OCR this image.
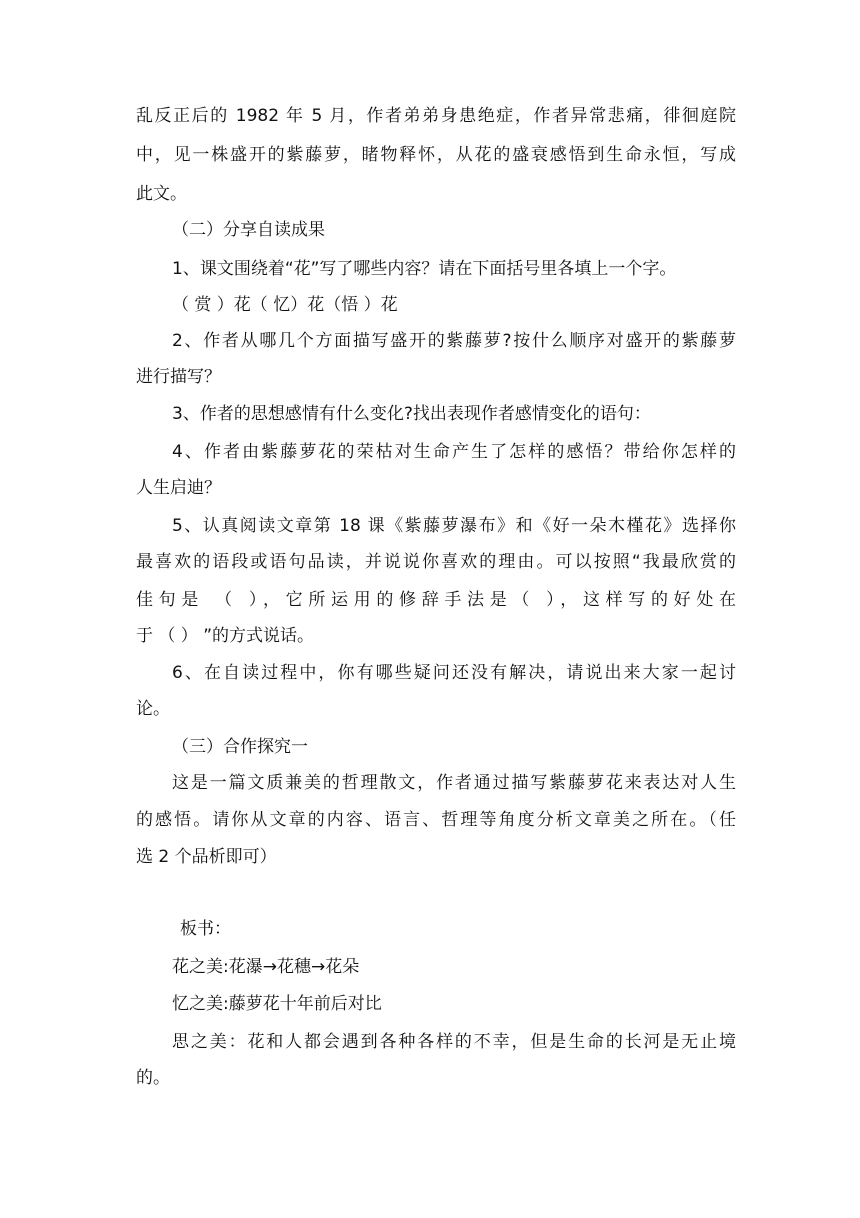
乱反正后的 1982 年 5 月，作者弟弟身患绝症，作者异常悲痛，徘徊庭院

中，见一株盛开的紫藤萝，睹物释怀，从花的盛衰感悟到生命永恒，写成

此文。

（二）分享自读成果

1、课文围绕着“花”写了哪些内容？请在下面括号里各填上一个字。

（ 赏 ）花（ 忆）花（悟 ）花

2、作者从哪几个方面描写盛开的紫藤萝?按什么顺序对盛开的紫藤萝

进行描写？

3、作者的思想感情有什么变化?找出表现作者感情变化的语句：

4、作者由紫藤萝花的荣枯对生命产生了怎样的感悟？带给你怎样的

人生启迪？

5、认真阅读文章第 18 课《紫藤萝瀑布》和《好一朵木槿花》选择你

最喜欢的语段或语句品读，并说说你喜欢的理由。可以按照“我最欣赏的

佳句是 （ ），它所运用的修辞手法是（ ），这样写的好处在

于 （ ） ”的方式说话。

6、在自读过程中，你有哪些疑问还没有解决，请说出来大家一起讨

论。

（三）合作探究一

这是一篇文质兼美的哲理散文，作者通过描写紫藤萝花来表达对人生

的感悟。请你从文章的内容、语言、哲理等角度分析文章美之所在。（任

选 2 个品析即可）

板书：

花之美:花瀑→花穗→花朵

忆之美:藤萝花十年前后对比

思之美：花和人都会遇到各种各样的不幸，但是生命的长河是无止境

的。
